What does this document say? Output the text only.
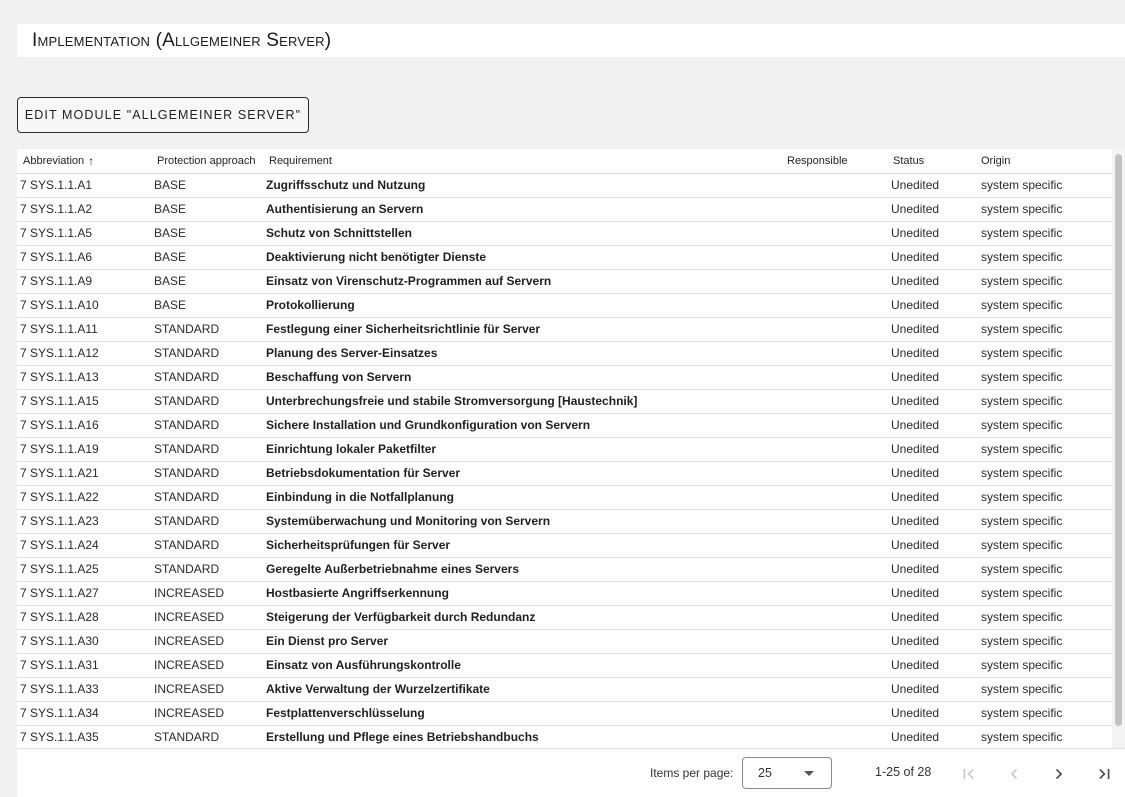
Implementation (Allgemeiner Server)
EDIT MODULE "ALLGEMEINER SERVER"
Abbreviation ↑	Protection approach	Requirement	Responsible	Status	Origin
7 SYS.1.1.A1	BASE	Zugriffsschutz und Nutzung		Unedited	system specific
7 SYS.1.1.A2	BASE	Authentisierung an Servern		Unedited	system specific
7 SYS.1.1.A5	BASE	Schutz von Schnittstellen		Unedited	system specific
7 SYS.1.1.A6	BASE	Deaktivierung nicht benötigter Dienste		Unedited	system specific
7 SYS.1.1.A9	BASE	Einsatz von Virenschutz-Programmen auf Servern		Unedited	system specific
7 SYS.1.1.A10	BASE	Protokollierung		Unedited	system specific
7 SYS.1.1.A11	STANDARD	Festlegung einer Sicherheitsrichtlinie für Server		Unedited	system specific
7 SYS.1.1.A12	STANDARD	Planung des Server-Einsatzes		Unedited	system specific
7 SYS.1.1.A13	STANDARD	Beschaffung von Servern		Unedited	system specific
7 SYS.1.1.A15	STANDARD	Unterbrechungsfreie und stabile Stromversorgung [Haustechnik]		Unedited	system specific
7 SYS.1.1.A16	STANDARD	Sichere Installation und Grundkonfiguration von Servern		Unedited	system specific
7 SYS.1.1.A19	STANDARD	Einrichtung lokaler Paketfilter		Unedited	system specific
7 SYS.1.1.A21	STANDARD	Betriebsdokumentation für Server		Unedited	system specific
7 SYS.1.1.A22	STANDARD	Einbindung in die Notfallplanung		Unedited	system specific
7 SYS.1.1.A23	STANDARD	Systemüberwachung und Monitoring von Servern		Unedited	system specific
7 SYS.1.1.A24	STANDARD	Sicherheitsprüfungen für Server		Unedited	system specific
7 SYS.1.1.A25	STANDARD	Geregelte Außerbetriebnahme eines Servers		Unedited	system specific
7 SYS.1.1.A27	INCREASED	Hostbasierte Angriffserkennung		Unedited	system specific
7 SYS.1.1.A28	INCREASED	Steigerung der Verfügbarkeit durch Redundanz		Unedited	system specific
7 SYS.1.1.A30	INCREASED	Ein Dienst pro Server		Unedited	system specific
7 SYS.1.1.A31	INCREASED	Einsatz von Ausführungskontrolle		Unedited	system specific
7 SYS.1.1.A33	INCREASED	Aktive Verwaltung der Wurzelzertifikate		Unedited	system specific
7 SYS.1.1.A34	INCREASED	Festplattenverschlüsselung		Unedited	system specific
7 SYS.1.1.A35	STANDARD	Erstellung und Pflege eines Betriebshandbuchs		Unedited	system specific
Items per page: 25	1-25 of 28
